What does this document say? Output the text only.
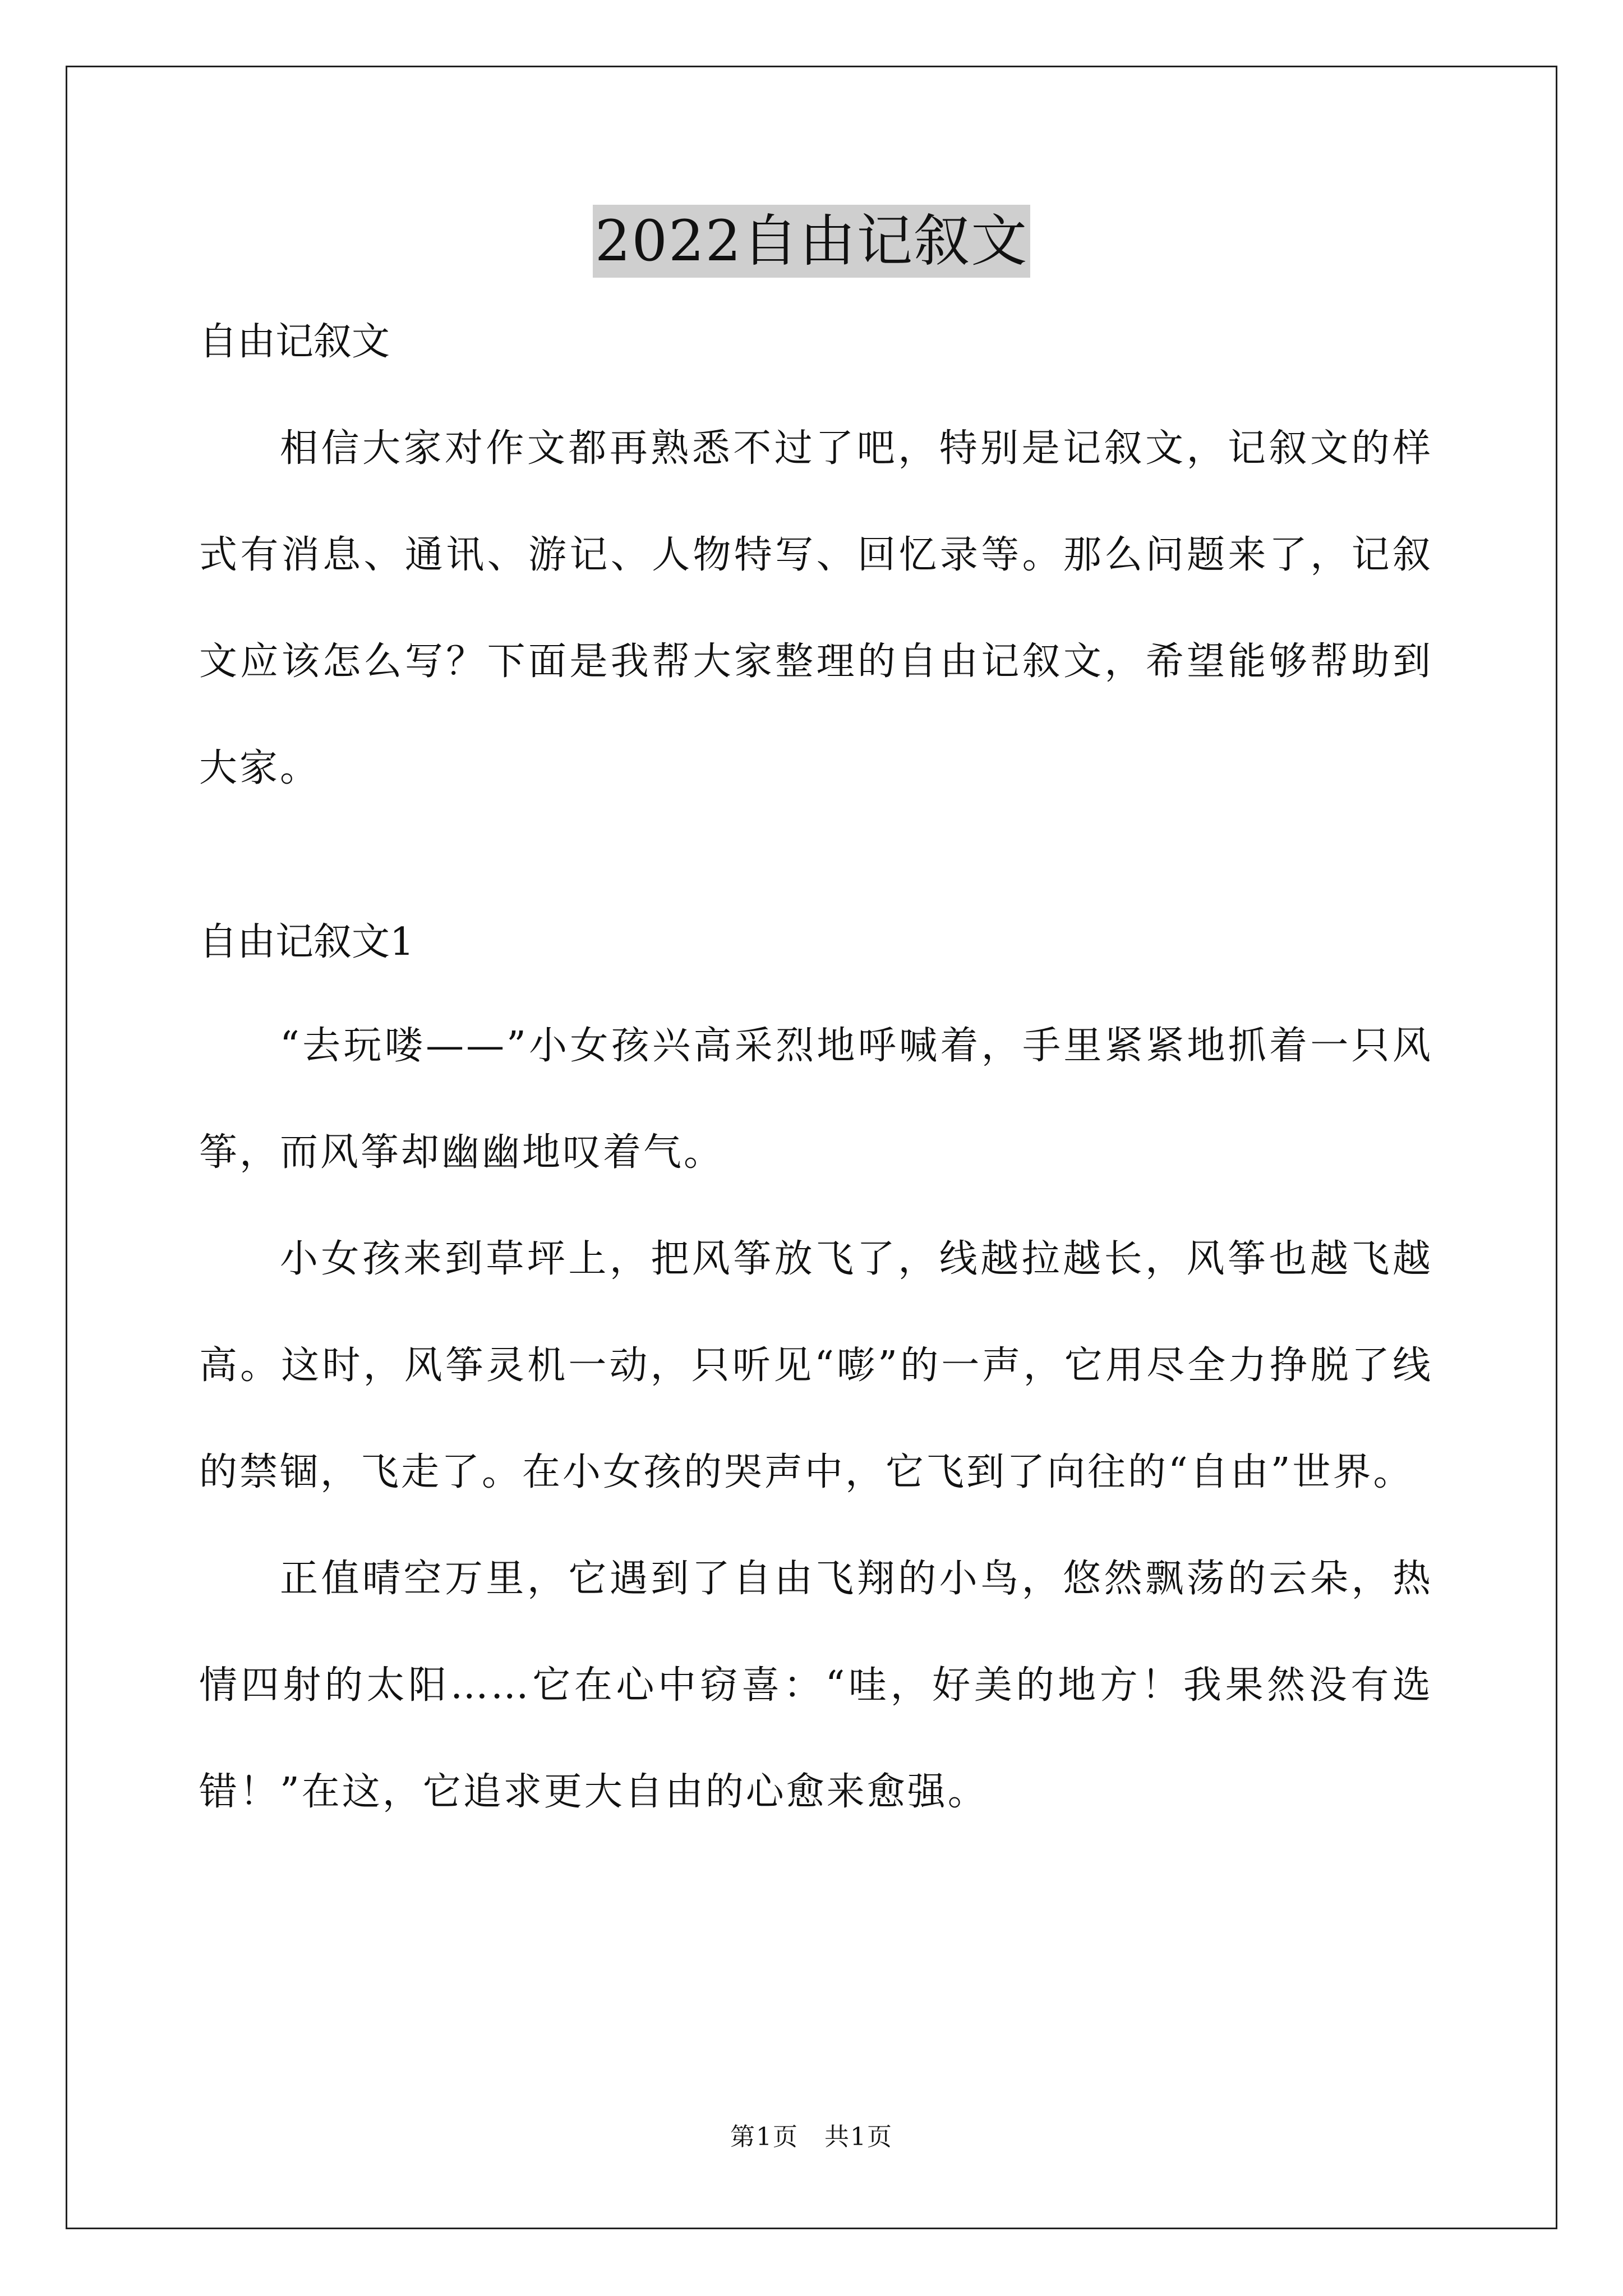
2022自由记叙文

自由记叙文

相信大家对作文都再熟悉不过了吧，特别是记叙文，记叙文的样式有消息、通讯、游记、人物特写、回忆录等。那么问题来了，记叙文应该怎么写？下面是我帮大家整理的自由记叙文，希望能够帮助到大家。

自由记叙文1

“去玩喽——”小女孩兴高采烈地呼喊着，手里紧紧地抓着一只风筝，而风筝却幽幽地叹着气。

小女孩来到草坪上，把风筝放飞了，线越拉越长，风筝也越飞越高。这时，风筝灵机一动，只听见“嘭”的一声，它用尽全力挣脱了线的禁锢，飞走了。在小女孩的哭声中，它飞到了向往的“自由”世界。

正值晴空万里，它遇到了自由飞翔的小鸟，悠然飘荡的云朵，热情四射的太阳……它在心中窃喜：“哇，好美的地方！我果然没有选错！”在这，它追求更大自由的心愈来愈强。

第1页　共1页
